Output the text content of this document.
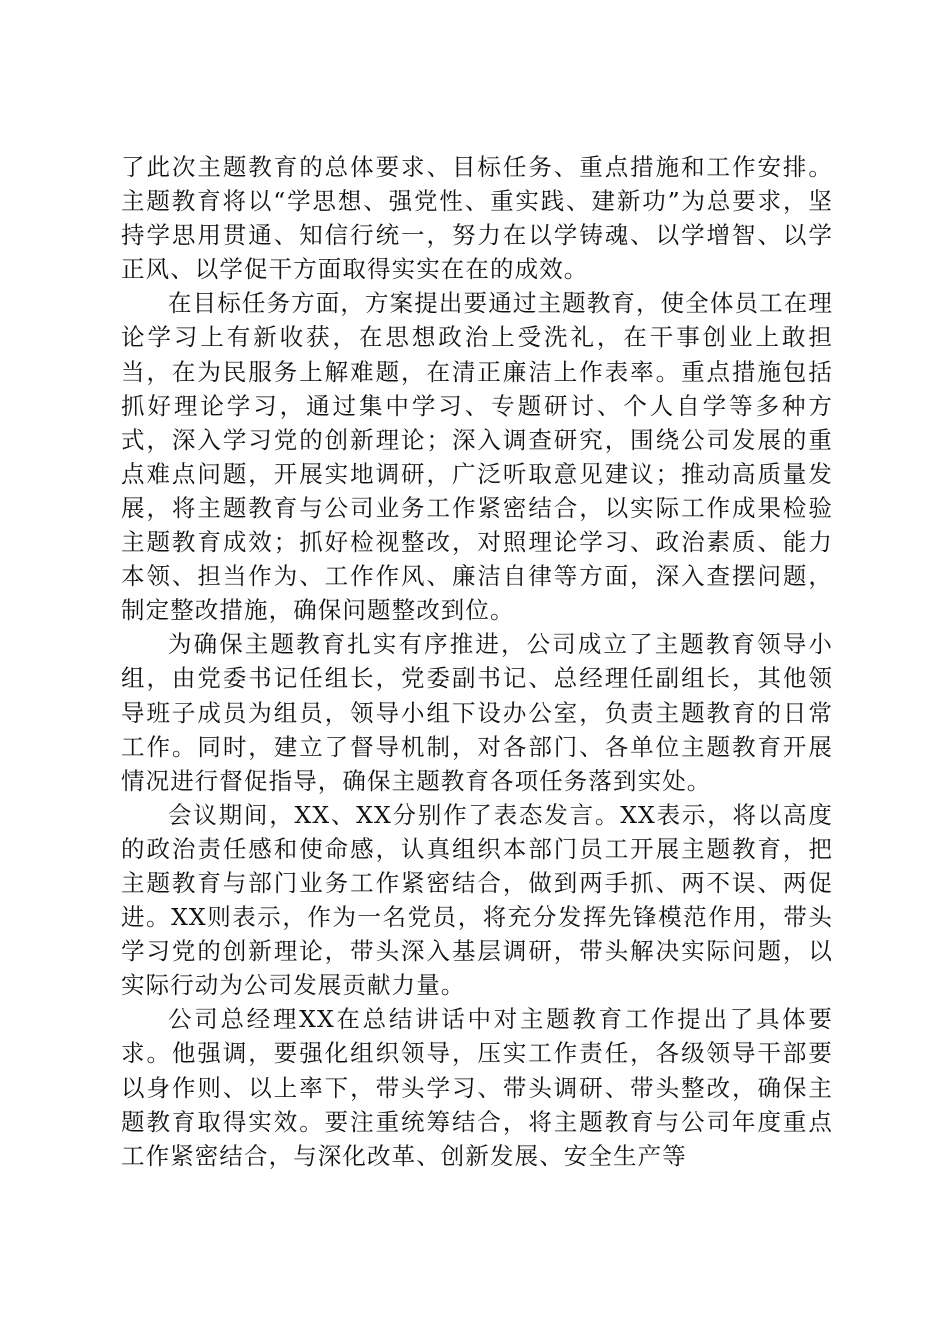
了此次主题教育的总体要求、目标任务、重点措施和工作安排。主题教育将以“学思想、强党性、重实践、建新功”为总要求，坚持学思用贯通、知信行统一，努力在以学铸魂、以学增智、以学正风、以学促干方面取得实实在在的成效。

在目标任务方面，方案提出要通过主题教育，使全体员工在理论学习上有新收获，在思想政治上受洗礼，在干事创业上敢担当，在为民服务上解难题，在清正廉洁上作表率。重点措施包括抓好理论学习，通过集中学习、专题研讨、个人自学等多种方式，深入学习党的创新理论；深入调查研究，围绕公司发展的重点难点问题，开展实地调研，广泛听取意见建议；推动高质量发展，将主题教育与公司业务工作紧密结合，以实际工作成果检验主题教育成效；抓好检视整改，对照理论学习、政治素质、能力本领、担当作为、工作作风、廉洁自律等方面，深入查摆问题，制定整改措施，确保问题整改到位。

为确保主题教育扎实有序推进，公司成立了主题教育领导小组，由党委书记任组长，党委副书记、总经理任副组长，其他领导班子成员为组员，领导小组下设办公室，负责主题教育的日常工作。同时，建立了督导机制，对各部门、各单位主题教育开展情况进行督促指导，确保主题教育各项任务落到实处。

会议期间，XX、XX分别作了表态发言。XX表示，将以高度的政治责任感和使命感，认真组织本部门员工开展主题教育，把主题教育与部门业务工作紧密结合，做到两手抓、两不误、两促进。XX则表示，作为一名党员，将充分发挥先锋模范作用，带头学习党的创新理论，带头深入基层调研，带头解决实际问题，以实际行动为公司发展贡献力量。

公司总经理XX在总结讲话中对主题教育工作提出了具体要求。他强调，要强化组织领导，压实工作责任，各级领导干部要以身作则、以上率下，带头学习、带头调研、带头整改，确保主题教育取得实效。要注重统筹结合，将主题教育与公司年度重点工作紧密结合，与深化改革、创新发展、安全生产等
